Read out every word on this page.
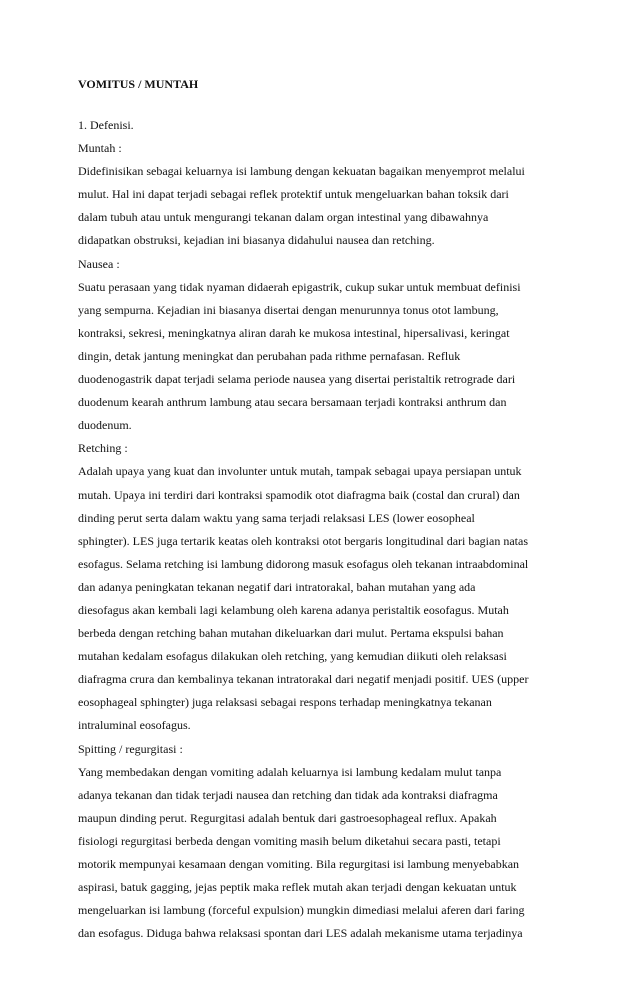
VOMITUS / MUNTAH
1. Defenisi.
Muntah :
Didefinisikan sebagai keluarnya isi lambung dengan kekuatan bagaikan menyemprot melalui
mulut. Hal ini dapat terjadi sebagai reflek protektif untuk mengeluarkan bahan toksik dari
dalam tubuh atau untuk mengurangi tekanan dalam organ intestinal yang dibawahnya
didapatkan obstruksi, kejadian ini biasanya didahului nausea dan retching.
Nausea :
Suatu perasaan yang tidak nyaman didaerah epigastrik, cukup sukar untuk membuat definisi
yang sempurna. Kejadian ini biasanya disertai dengan menurunnya tonus otot lambung,
kontraksi, sekresi, meningkatnya aliran darah ke mukosa intestinal, hipersalivasi, keringat
dingin, detak jantung meningkat dan perubahan pada rithme pernafasan. Refluk
duodenogastrik dapat terjadi selama periode nausea yang disertai peristaltik retrograde dari
duodenum kearah anthrum lambung atau secara bersamaan terjadi kontraksi anthrum dan
duodenum.
Retching :
Adalah upaya yang kuat dan involunter untuk mutah, tampak sebagai upaya persiapan untuk
mutah. Upaya ini terdiri dari kontraksi spamodik otot diafragma baik (costal dan crural) dan
dinding perut serta dalam waktu yang sama terjadi relaksasi LES (lower eosopheal
sphingter). LES juga tertarik keatas oleh kontraksi otot bergaris longitudinal dari bagian natas
esofagus. Selama retching isi lambung didorong masuk esofagus oleh tekanan intraabdominal
dan adanya peningkatan tekanan negatif dari intratorakal, bahan mutahan yang ada
diesofagus akan kembali lagi kelambung oleh karena adanya peristaltik eosofagus. Mutah
berbeda dengan retching bahan mutahan dikeluarkan dari mulut. Pertama ekspulsi bahan
mutahan kedalam esofagus dilakukan oleh retching, yang kemudian diikuti oleh relaksasi
diafragma crura dan kembalinya tekanan intratorakal dari negatif menjadi positif. UES (upper
eosophageal sphingter) juga relaksasi sebagai respons terhadap meningkatnya tekanan
intraluminal eosofagus.
Spitting / regurgitasi :
Yang membedakan dengan vomiting adalah keluarnya isi lambung kedalam mulut tanpa
adanya tekanan dan tidak terjadi nausea dan retching dan tidak ada kontraksi diafragma
maupun dinding perut. Regurgitasi adalah bentuk dari gastroesophageal reflux. Apakah
fisiologi regurgitasi berbeda dengan vomiting masih belum diketahui secara pasti, tetapi
motorik mempunyai kesamaan dengan vomiting. Bila regurgitasi isi lambung menyebabkan
aspirasi, batuk gagging, jejas peptik maka reflek mutah akan terjadi dengan kekuatan untuk
mengeluarkan isi lambung (forceful expulsion) mungkin dimediasi melalui aferen dari faring
dan esofagus. Diduga bahwa relaksasi spontan dari LES adalah mekanisme utama terjadinya
